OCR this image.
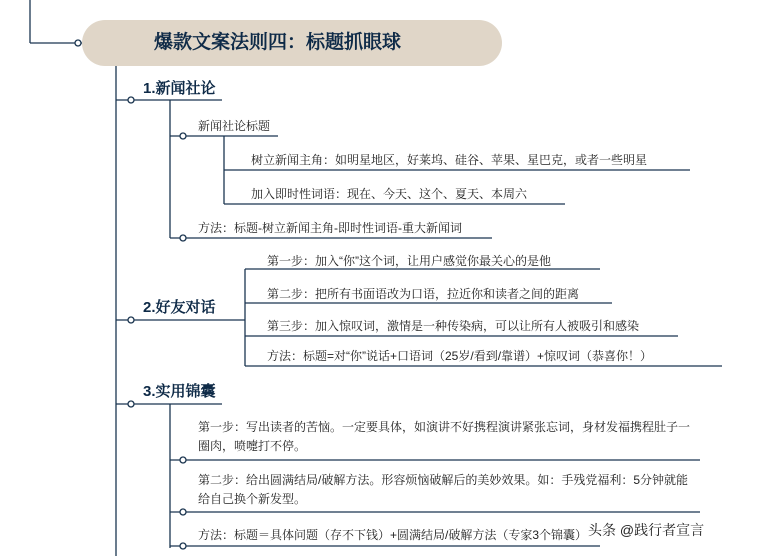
爆款文案法则四：标题抓眼球
1.新闻社论
新闻社论标题
树立新闻主角：如明星地区，好莱坞、硅谷、苹果、星巴克，或者一些明星
加入即时性词语：现在、今天、这个、夏天、本周六
方法：标题-树立新闻主角-即时性词语-重大新闻词
2.好友对话
第一步：加入“你”这个词，让用户感觉你最关心的是他
第二步：把所有书面语改为口语，拉近你和读者之间的距离
第三步：加入惊叹词，激情是一种传染病，可以让所有人被吸引和感染
方法：标题=对“你”说话+口语词（25岁/看到/靠谱）+惊叹词（恭喜你！）
3.实用锦囊
第一步：写出读者的苦恼。一定要具体，如演讲不好携程演讲紧张忘词，身材发福携程肚子一圈肉，喷嚏打不停。
第二步：给出圆满结局/破解方法。形容烦恼破解后的美妙效果。如：手残党福利：5分钟就能给自己换个新发型。
方法：标题＝具体问题（存不下钱）+圆满结局/破解方法（专家3个锦囊） 头条 @践行者宣言
